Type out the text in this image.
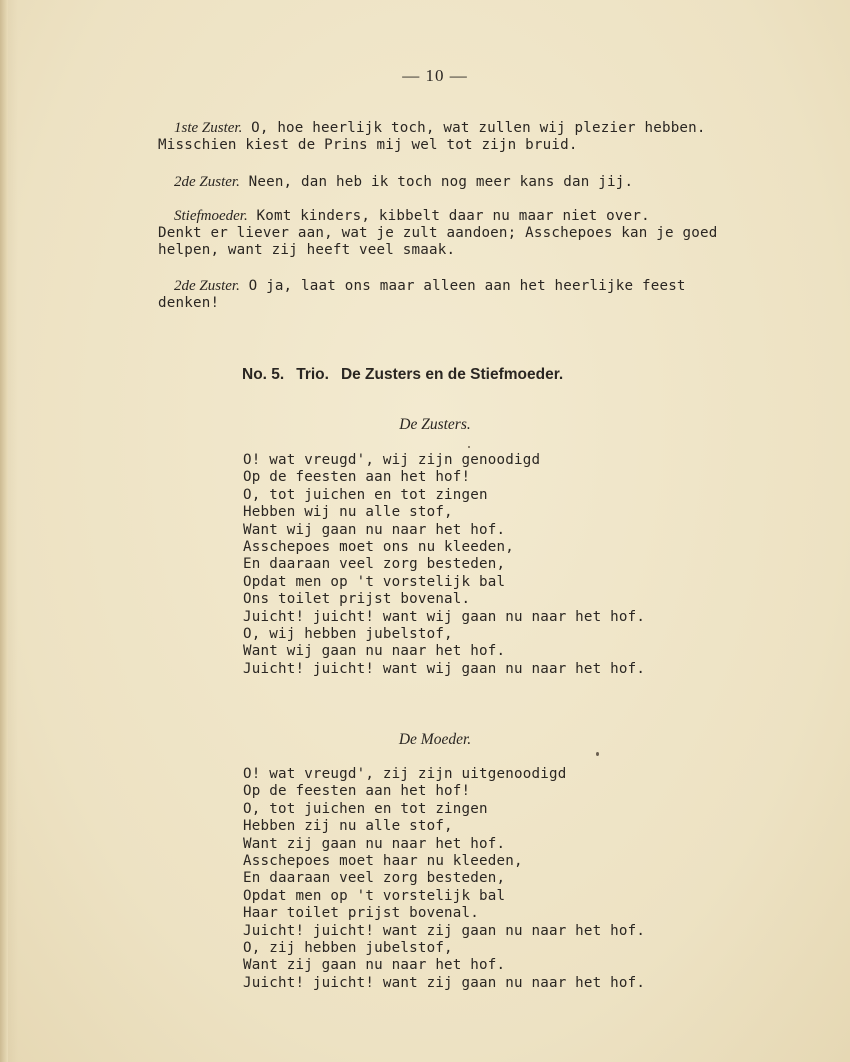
— 10 —
1ste Zuster. O, hoe heerlijk toch, wat zullen wij plezier hebben.
Misschien kiest de Prins mij wel tot zijn bruid.
2de Zuster. Neen, dan heb ik toch nog meer kans dan jij.
Stiefmoeder. Komt kinders, kibbelt daar nu maar niet over.
Denkt er liever aan, wat je zult aandoen; Asschepoes kan je goed helpen, want zij heeft veel smaak.
2de Zuster. O ja, laat ons maar alleen aan het heerlijke feest
denken!
No. 5. Trio. De Zusters en de Stiefmoeder.
De Zusters.
O! wat vreugd', wij zijn genoodigd
Op de feesten aan het hof!
O, tot juichen en tot zingen
Hebben wij nu alle stof,
Want wij gaan nu naar het hof.
Asschepoes moet ons nu kleeden,
En daaraan veel zorg besteden,
Opdat men op 't vorstelijk bal
Ons toilet prijst bovenal.
Juicht! juicht! want wij gaan nu naar het hof.
O, wij hebben jubelstof,
Want wij gaan nu naar het hof.
Juicht! juicht! want wij gaan nu naar het hof.
De Moeder.
O! wat vreugd', zij zijn uitgenoodigd
Op de feesten aan het hof!
O, tot juichen en tot zingen
Hebben zij nu alle stof,
Want zij gaan nu naar het hof.
Asschepoes moet haar nu kleeden,
En daaraan veel zorg besteden,
Opdat men op 't vorstelijk bal
Haar toilet prijst bovenal.
Juicht! juicht! want zij gaan nu naar het hof.
O, zij hebben jubelstof,
Want zij gaan nu naar het hof.
Juicht! juicht! want zij gaan nu naar het hof.
